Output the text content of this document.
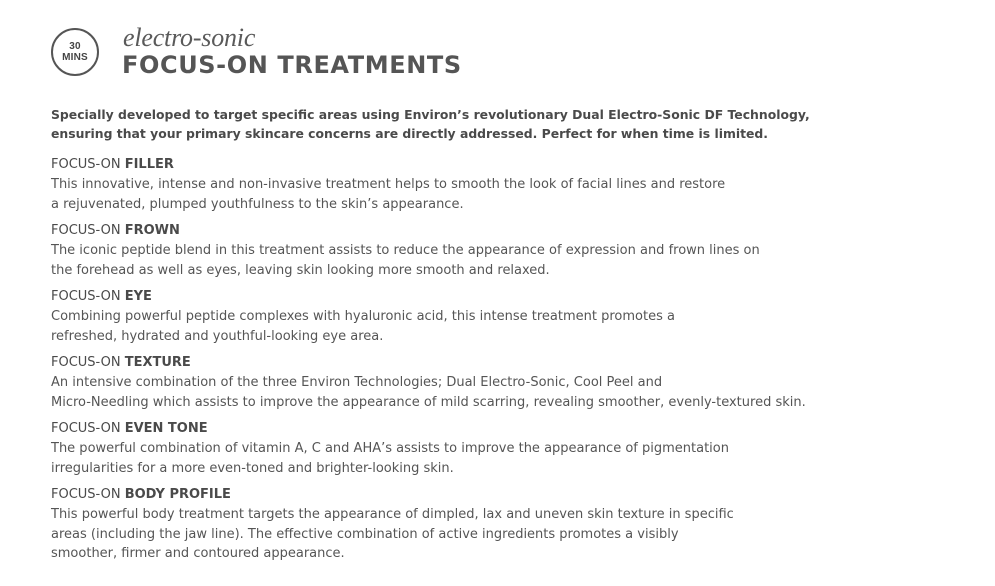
30
MINS
electro-sonic
FOCUS-ON TREATMENTS

Specially developed to target specific areas using Environ’s revolutionary Dual Electro-Sonic DF Technology,
ensuring that your primary skincare concerns are directly addressed. Perfect for when time is limited.

FOCUS-ON FILLER
This innovative, intense and non-invasive treatment helps to smooth the look of facial lines and restore
a rejuvenated, plumped youthfulness to the skin’s appearance.
FOCUS-ON FROWN
The iconic peptide blend in this treatment assists to reduce the appearance of expression and frown lines on
the forehead as well as eyes, leaving skin looking more smooth and relaxed.
FOCUS-ON EYE
Combining powerful peptide complexes with hyaluronic acid, this intense treatment promotes a
refreshed, hydrated and youthful-looking eye area.
FOCUS-ON TEXTURE
An intensive combination of the three Environ Technologies; Dual Electro-Sonic, Cool Peel and
Micro-Needling which assists to improve the appearance of mild scarring, revealing smoother, evenly-textured skin.
FOCUS-ON EVEN TONE
The powerful combination of vitamin A, C and AHA’s assists to improve the appearance of pigmentation
irregularities for a more even-toned and brighter-looking skin.
FOCUS-ON BODY PROFILE
This powerful body treatment targets the appearance of dimpled, lax and uneven skin texture in specific
areas (including the jaw line). The effective combination of active ingredients promotes a visibly
smoother, firmer and contoured appearance.
